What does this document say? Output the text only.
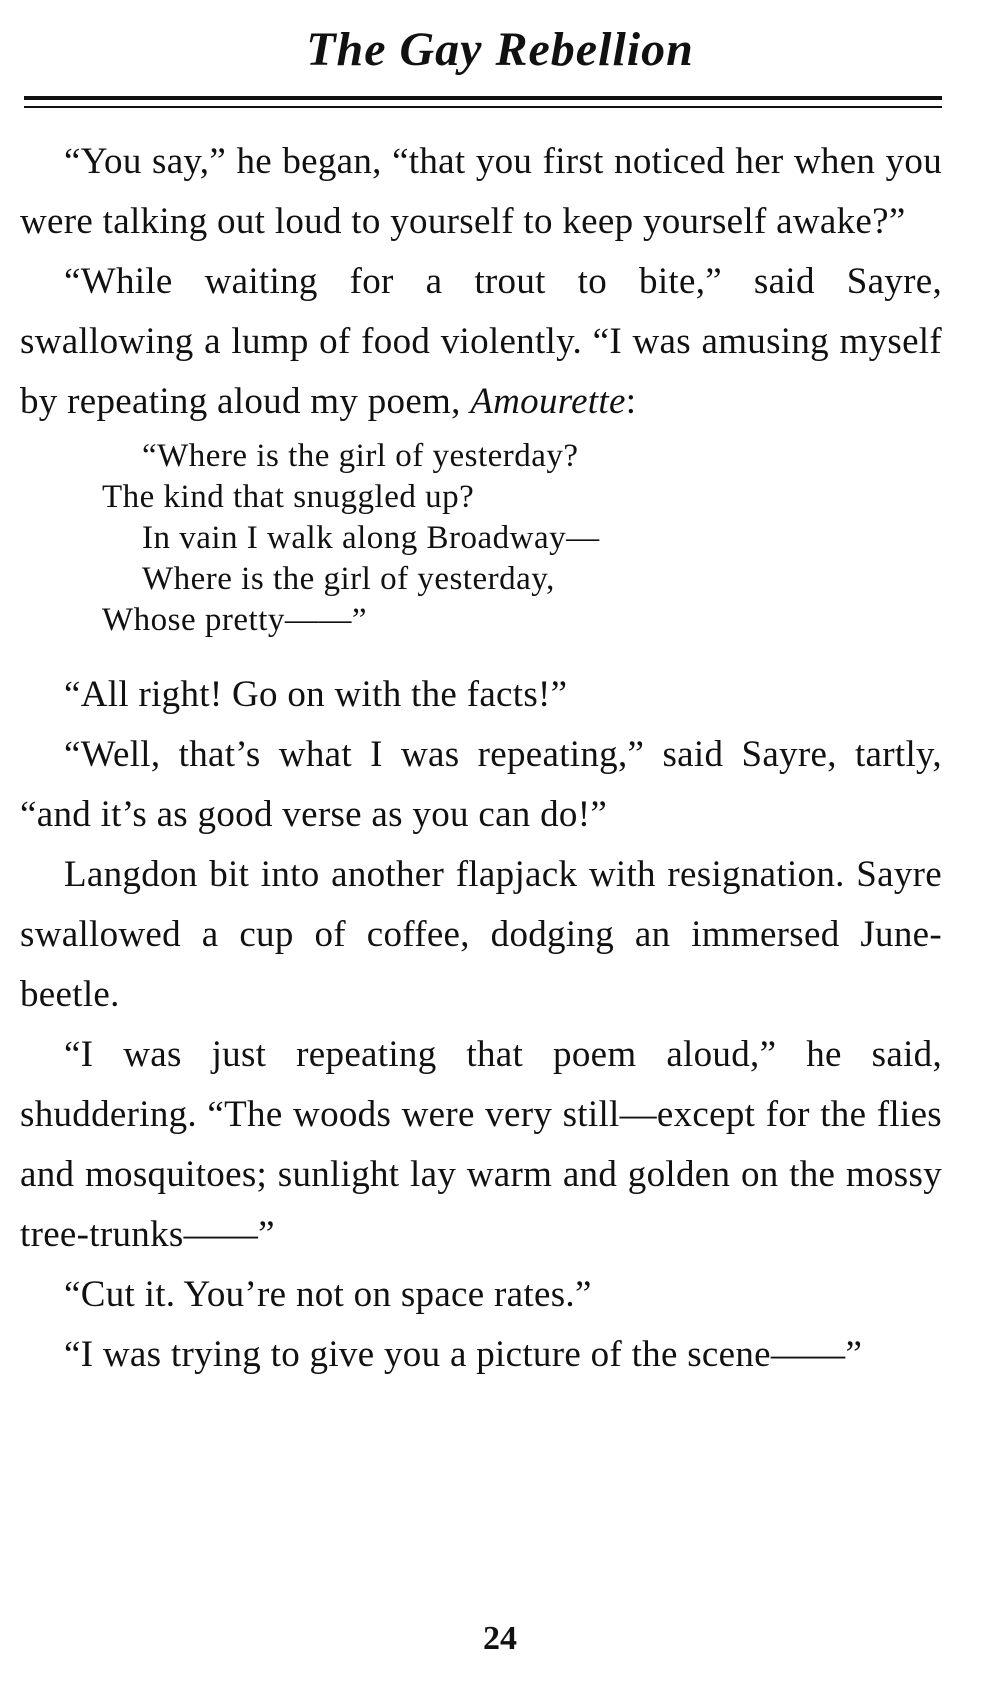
The Gay Rebellion

“You say,” he began, “that you first noticed her when you were talking out loud to yourself to keep yourself awake?”

“While waiting for a trout to bite,” said Sayre, swallowing a lump of food violently. “I was amusing myself by repeating aloud my poem, Amourette:

“Where is the girl of yesterday?
The kind that snuggled up?
In vain I walk along Broadway—
Where is the girl of yesterday,
Whose pretty——”

“All right! Go on with the facts!”

“Well, that’s what I was repeating,” said Sayre, tartly, “and it’s as good verse as you can do!”

Langdon bit into another flapjack with resignation. Sayre swallowed a cup of coffee, dodging an immersed June-beetle.

“I was just repeating that poem aloud,” he said, shuddering. “The woods were very still—except for the flies and mosquitoes; sunlight lay warm and golden on the mossy tree-trunks——”

“Cut it. You’re not on space rates.”

“I was trying to give you a picture of the scene——”

24
